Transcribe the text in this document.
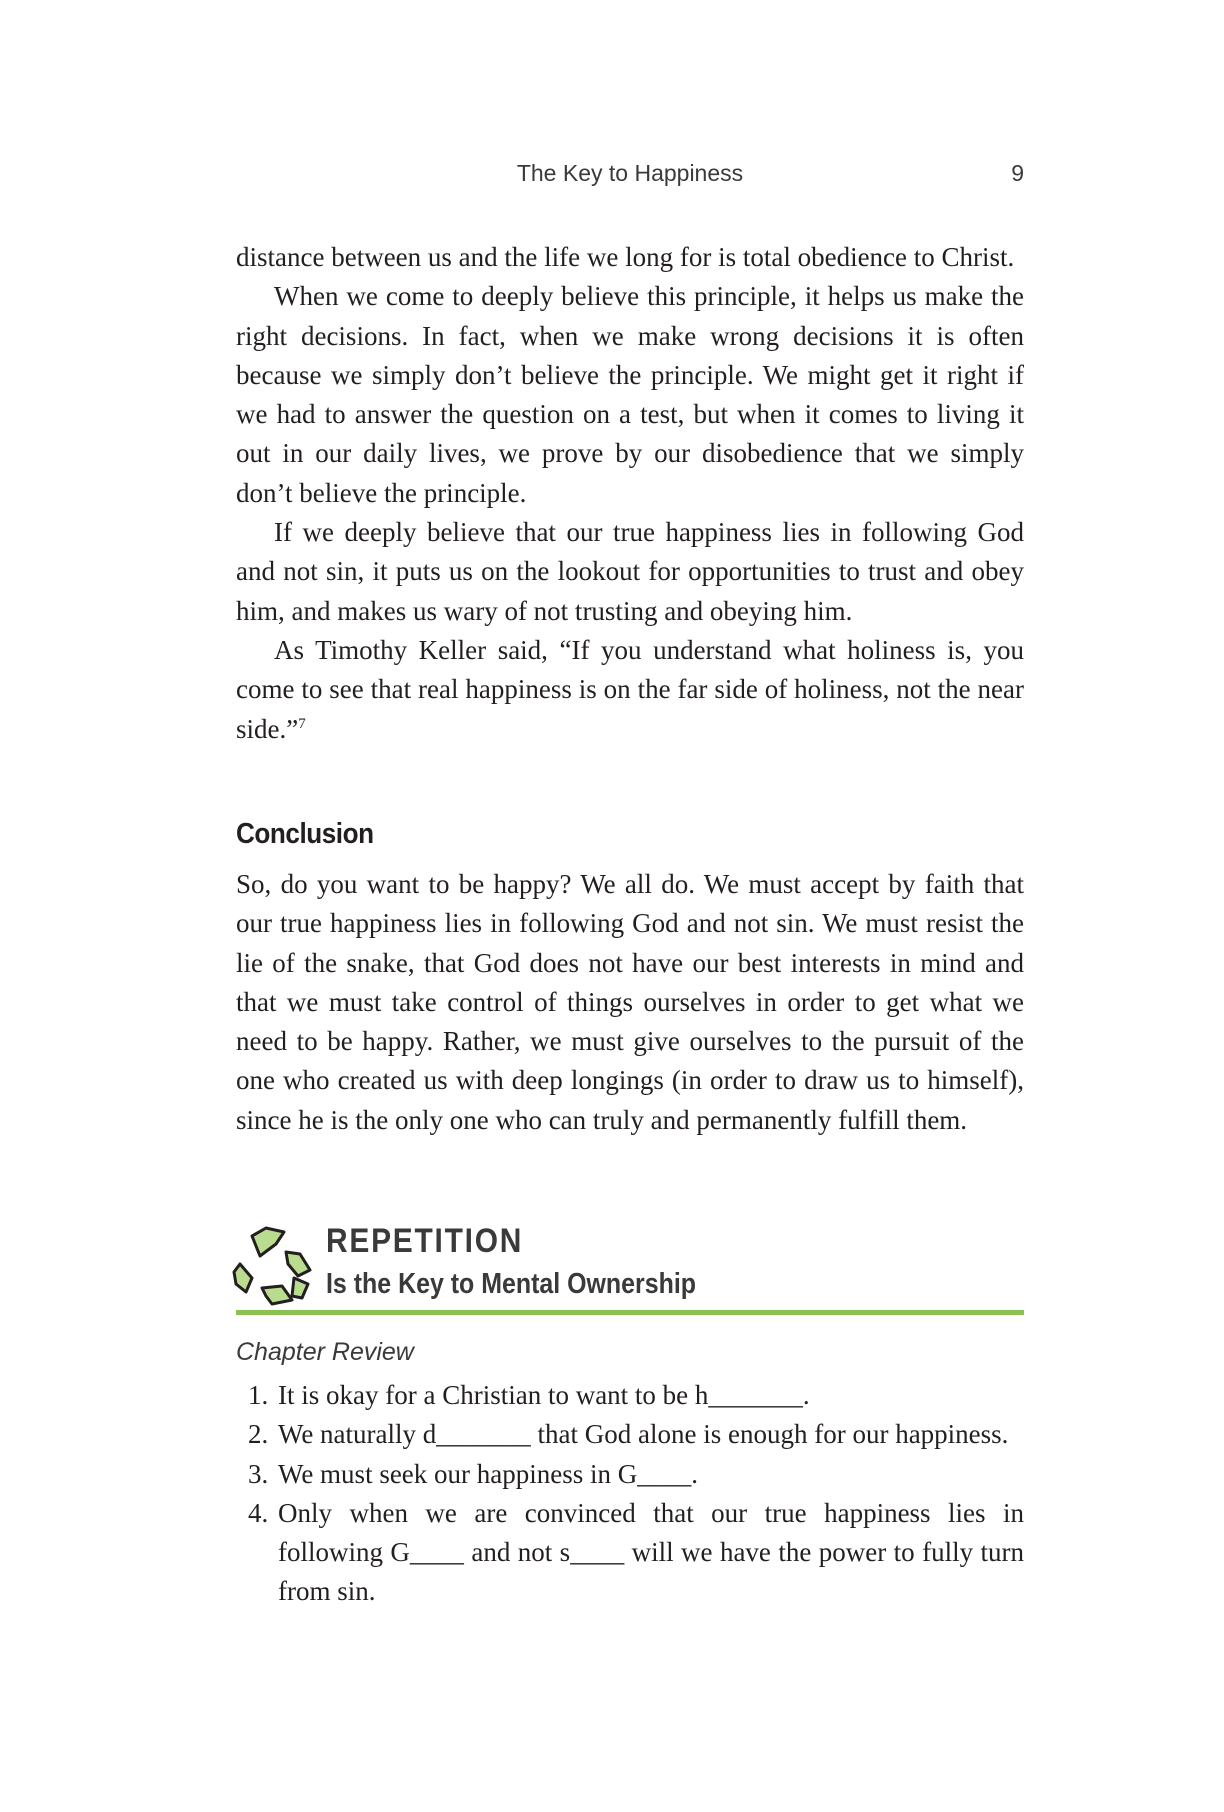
The Key to Happiness	9

distance between us and the life we long for is total obedience to Christ.

When we come to deeply believe this principle, it helps us make the right decisions. In fact, when we make wrong decisions it is often because we simply don’t believe the principle. We might get it right if we had to answer the question on a test, but when it comes to living it out in our daily lives, we prove by our disobedience that we simply don’t believe the principle.

If we deeply believe that our true happiness lies in following God and not sin, it puts us on the lookout for opportunities to trust and obey him, and makes us wary of not trusting and obeying him.

As Timothy Keller said, “If you understand what holiness is, you come to see that real happiness is on the far side of holiness, not the near side.”$^7$

Conclusion

So, do you want to be happy? We all do. We must accept by faith that our true happiness lies in following God and not sin. We must resist the lie of the snake, that God does not have our best interests in mind and that we must take control of things ourselves in order to get what we need to be happy. Rather, we must give ourselves to the pursuit of the one who created us with deep longings (in order to draw us to himself), since he is the only one who can truly and permanently fulfill them.

REPETITION
Is the Key to Mental Ownership
Chapter Review
1. It is okay for a Christian to want to be h_______.
2. We naturally d_______ that God alone is enough for our happiness.
3. We must seek our happiness in G____.
4. Only when we are convinced that our true happiness lies in following G____ and not s____ will we have the power to fully turn from sin.
